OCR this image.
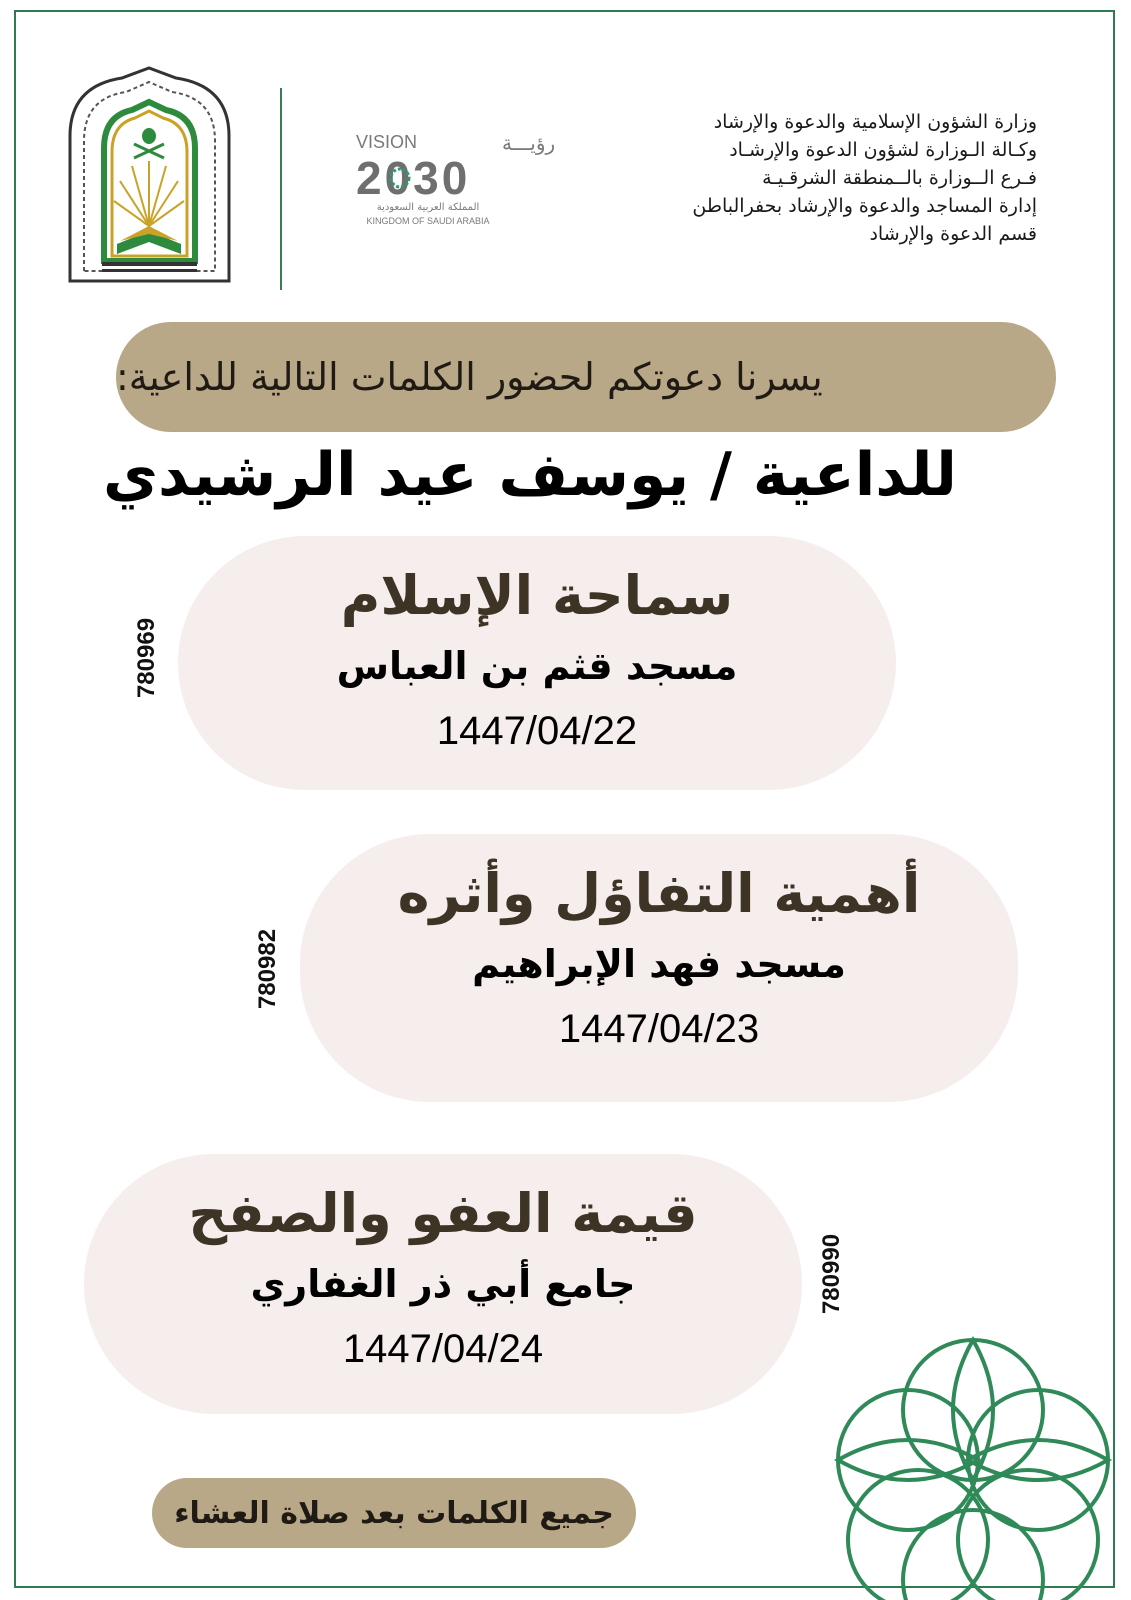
VISION	رؤيـــة
2030
المملكة العربية السعودية
KINGDOM OF SAUDI ARABIA
وزارة الشؤون الإسلامية والدعوة والإرشاد
وكـالة الـوزارة لشؤون الدعوة والإرشـاد
فـرع الــوزارة بالــمنطقة الشرقـيـة
إدارة المساجد والدعوة والإرشاد بحفرالباطن
قسم الدعوة والإرشاد
يسرنا دعوتكم لحضور الكلمات التالية للداعية:
للداعية / يوسف عيد الرشيدي
سماحة الإسلام
مسجد قثم بن العباس
1447/04/22
780969
أهمية التفاؤل وأثره
مسجد فهد الإبراهيم
1447/04/23
780982
قيمة العفو والصفح
جامع أبي ذر الغفاري
1447/04/24
780990
جميع الكلمات بعد صلاة العشاء
